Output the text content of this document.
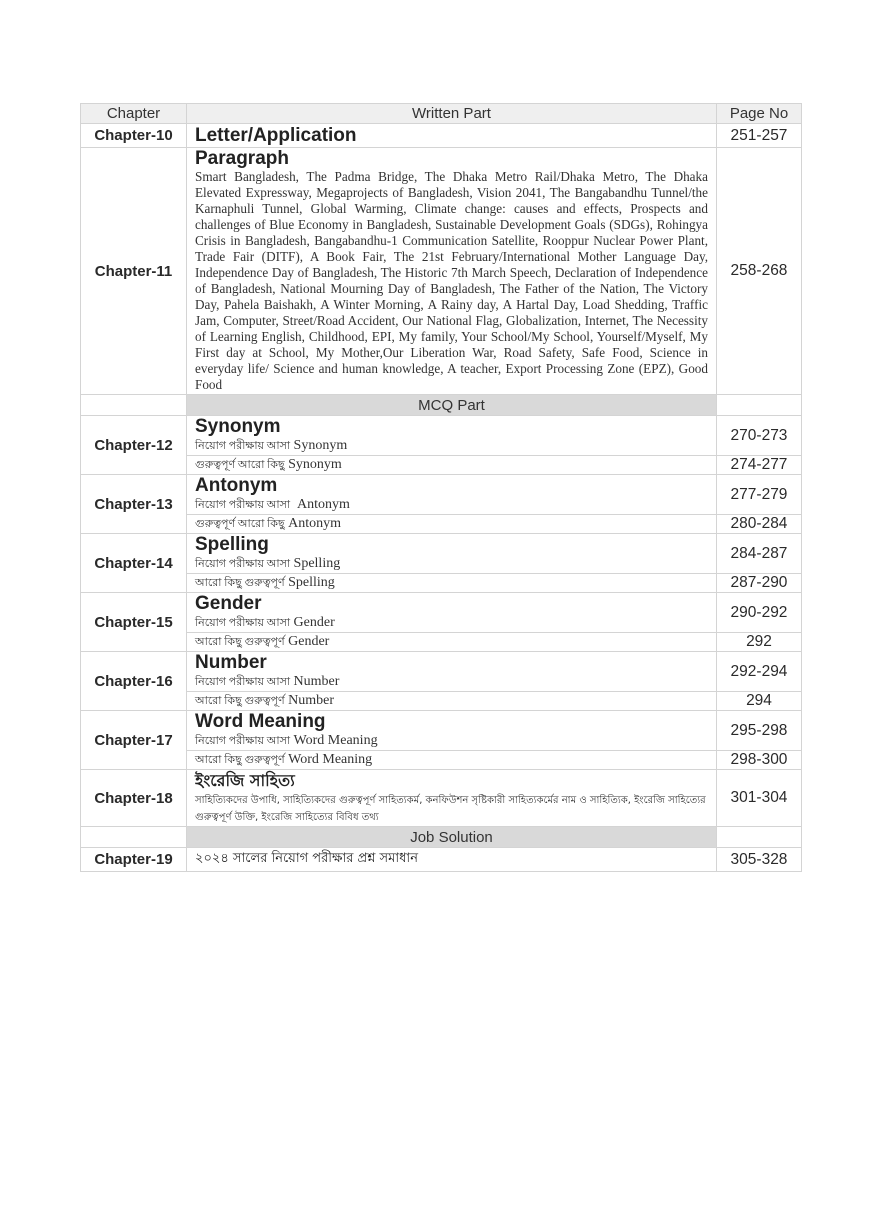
Chapter	Written Part	Page No
Chapter-10	Letter/Application	251-257
Chapter-11	Paragraph
Smart Bangladesh, The Padma Bridge, The Dhaka Metro Rail/Dhaka Metro, The Dhaka Elevated Expressway, Megaprojects of Bangladesh, Vision 2041, The Bangabandhu Tunnel/the Karnaphuli Tunnel, Global Warming, Climate change: causes and effects, Prospects and challenges of Blue Economy in Bangladesh, Sustainable Development Goals (SDGs), Rohingya Crisis in Bangladesh, Bangabandhu-1 Communication Satellite, Rooppur Nuclear Power Plant, Trade Fair (DITF), A Book Fair, The 21st February/International Mother Language Day, Independence Day of Bangladesh, The Historic 7th March Speech, Declaration of Independence of Bangladesh, National Mourning Day of Bangladesh, The Father of the Nation, The Victory Day, Pahela Baishakh, A Winter Morning, A Rainy day, A Hartal Day, Load Shedding, Traffic Jam, Computer, Street/Road Accident, Our National Flag, Globalization, Internet, The Necessity of Learning English, Childhood, EPI, My family, Your School/My School, Yourself/Myself, My First day at School, My Mother,Our Liberation War, Road Safety, Safe Food, Science in everyday life/ Science and human knowledge, A teacher, Export Processing Zone (EPZ), Good Food	258-268
	MCQ Part	
Chapter-12	Synonym
নিয়োগ পরীক্ষায় আসা Synonym	270-273
	গুরুত্বপূর্ণ আরো কিছু Synonym	274-277
Chapter-13	Antonym
নিয়োগ পরীক্ষায় আসা Antonym	277-279
	গুরুত্বপূর্ণ আরো কিছু Antonym	280-284
Chapter-14	Spelling
নিয়োগ পরীক্ষায় আসা Spelling	284-287
	আরো কিছু গুরুত্বপূর্ণ Spelling	287-290
Chapter-15	Gender
নিয়োগ পরীক্ষায় আসা Gender	290-292
	আরো কিছু গুরুত্বপূর্ণ Gender	292
Chapter-16	Number
নিয়োগ পরীক্ষায় আসা Number	292-294
	আরো কিছু গুরুত্বপূর্ণ Number	294
Chapter-17	Word Meaning
নিয়োগ পরীক্ষায় আসা Word Meaning	295-298
	আরো কিছু গুরুত্বপূর্ণ Word Meaning	298-300
Chapter-18	ইংরেজি সাহিত্য
সাহিত্যিকদের উপাধি, সাহিত্যিকদের গুরুত্বপূর্ণ সাহিত্যকর্ম, কনফিউশন সৃষ্টিকারী সাহিত্যকর্মের নাম ও সাহিত্যিক, ইংরেজি সাহিত্যের গুরুত্বপূর্ণ উক্তি, ইংরেজি সাহিত্যের বিবিধ তথ্য	301-304
	Job Solution	
Chapter-19	২০২৪ সালের নিয়োগ পরীক্ষার প্রশ্ন সমাধান	305-328
